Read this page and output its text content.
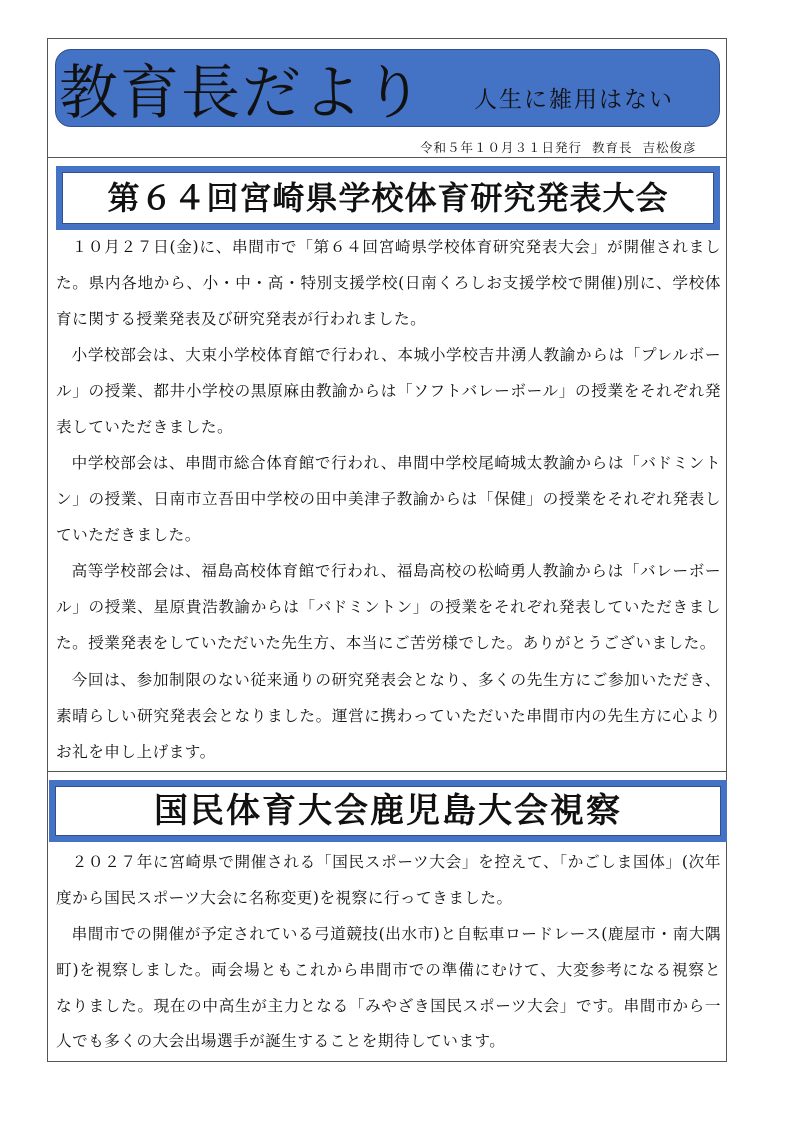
教育長だより 人生に雑用はない
令和５年１０月３１日発行 教育長 吉松俊彦
第６４回宮崎県学校体育研究発表大会
１０月２７日(金)に、串間市で「第６４回宮崎県学校体育研究発表大会」が開催されました。県内各地から、小・中・高・特別支援学校(日南くろしお支援学校で開催)別に、学校体育に関する授業発表及び研究発表が行われました。
小学校部会は、大束小学校体育館で行われ、本城小学校吉井湧人教諭からは「プレルボール」の授業、都井小学校の黒原麻由教諭からは「ソフトバレーボール」の授業をそれぞれ発表していただきました。
中学校部会は、串間市総合体育館で行われ、串間中学校尾崎城太教諭からは「バドミントン」の授業、日南市立吾田中学校の田中美津子教諭からは「保健」の授業をそれぞれ発表していただきました。
高等学校部会は、福島高校体育館で行われ、福島高校の松崎勇人教諭からは「バレーボール」の授業、星原貴浩教諭からは「バドミントン」の授業をそれぞれ発表していただきました。授業発表をしていただいた先生方、本当にご苦労様でした。ありがとうございました。
今回は、参加制限のない従来通りの研究発表会となり、多くの先生方にご参加いただき、素晴らしい研究発表会となりました。運営に携わっていただいた串間市内の先生方に心よりお礼を申し上げます。
国民体育大会鹿児島大会視察
２０２７年に宮崎県で開催される「国民スポーツ大会」を控えて、「かごしま国体」(次年度から国民スポーツ大会に名称変更)を視察に行ってきました。
串間市での開催が予定されている弓道競技(出水市)と自転車ロードレース(鹿屋市・南大隅町)を視察しました。両会場ともこれから串間市での準備にむけて、大変参考になる視察となりました。現在の中高生が主力となる「みやざき国民スポーツ大会」です。串間市から一人でも多くの大会出場選手が誕生することを期待しています。
